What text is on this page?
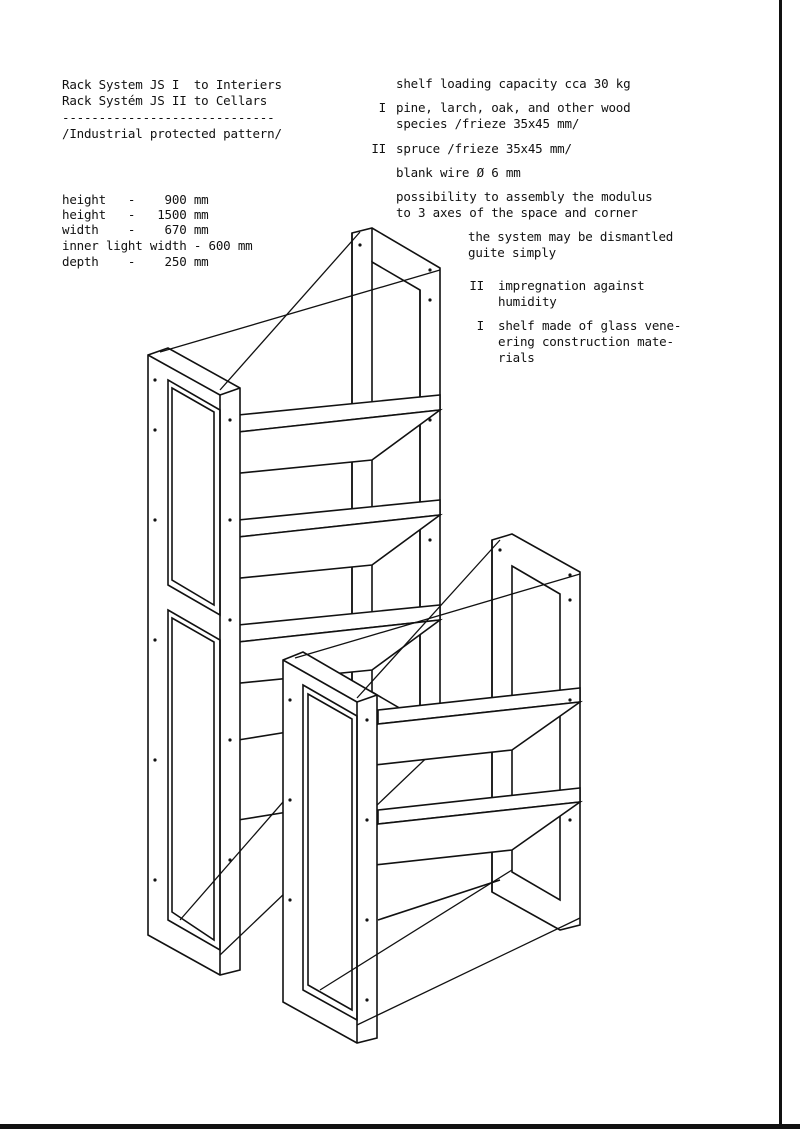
Rack System JS I  to Interiers
Rack Systém JS II to Cellars
-----------------------------
/Industrial protected pattern/
height   -    900 mm
height   -   1500 mm
width    -    670 mm
inner light width - 600 mm
depth    -    250 mm
shelf loading capacity cca 30 kg
I pine, larch, oak, and other wood
species /frieze 35x45 mm/
II spruce /frieze 35x45 mm/
blank wire Ø 6 mm
possibility to assembly the modulus
to 3 axes of the space and corner
the system may be dismantled
guite simply
II impregnation against
humidity
I shelf made of glass vene-
ering construction mate-
rials
